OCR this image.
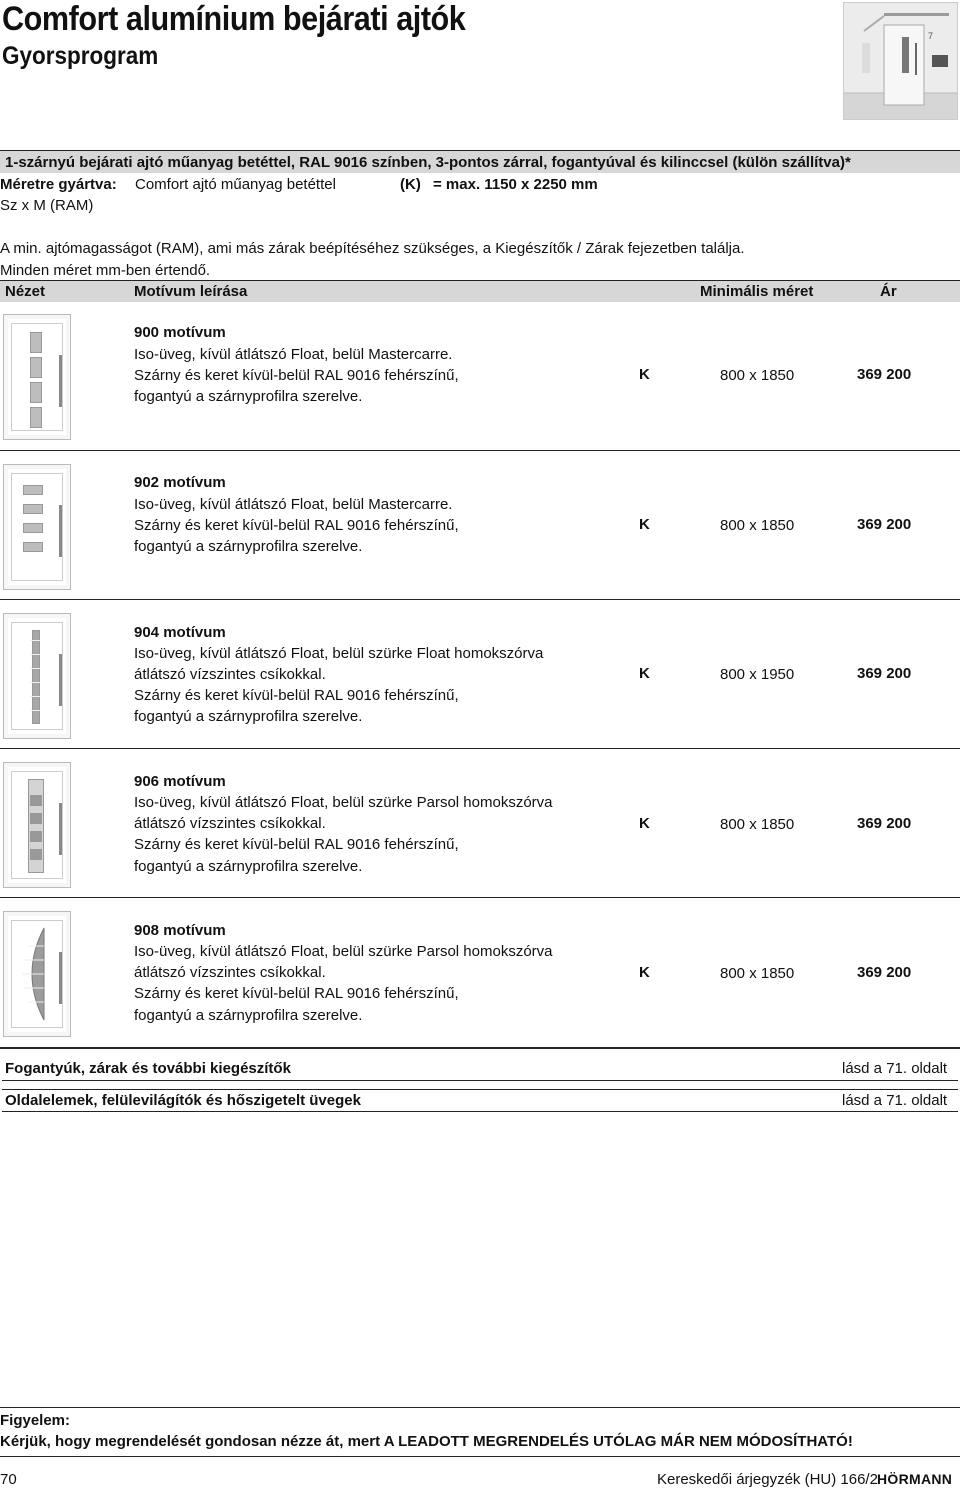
Comfort alumínium bejárati ajtók
Gyorsprogram
7
1-szárnyú bejárati ajtó műanyag betéttel, RAL 9016 színben, 3-pontos zárral, fogantyúval és kilinccsel (külön szállítva)*
Méretre gyártva: Comfort ajtó műanyag betéttel	(K) = max. 1150 x 2250 mm
Sz x M (RAM)
A min. ajtómagasságot (RAM), ami más zárak beépítéséhez szükséges, a Kiegészítők / Zárak fejezetben találja.
Minden méret mm-ben értendő.
Nézet	Motívum leírása	Minimális méret	Ár
900 motívum
Iso-üveg, kívül átlátszó Float, belül Mastercarre.
Szárny és keret kívül-belül RAL 9016 fehérszínű,
fogantyú a szárnyprofilra szerelve.
K	800 x 1850	369 200
902 motívum
Iso-üveg, kívül átlátszó Float, belül Mastercarre.
Szárny és keret kívül-belül RAL 9016 fehérszínű,
fogantyú a szárnyprofilra szerelve.
K	800 x 1850	369 200
904 motívum
Iso-üveg, kívül átlátszó Float, belül szürke Float homokszórva
átlátszó vízszintes csíkokkal.
Szárny és keret kívül-belül RAL 9016 fehérszínű,
fogantyú a szárnyprofilra szerelve.
K	800 x 1950	369 200
906 motívum
Iso-üveg, kívül átlátszó Float, belül szürke Parsol homokszórva
átlátszó vízszintes csíkokkal.
Szárny és keret kívül-belül RAL 9016 fehérszínű,
fogantyú a szárnyprofilra szerelve.
K	800 x 1850	369 200
908 motívum
Iso-üveg, kívül átlátszó Float, belül szürke Parsol homokszórva
átlátszó vízszintes csíkokkal.
Szárny és keret kívül-belül RAL 9016 fehérszínű,
fogantyú a szárnyprofilra szerelve.
K	800 x 1850	369 200
Fogantyúk, zárak és további kiegészítők	lásd a 71. oldalt
Oldalelemek, felülevilágítók és hőszigetelt üvegek	lásd a 71. oldalt
Figyelem:
Kérjük, hogy megrendelését gondosan nézze át, mert A LEADOTT MEGRENDELÉS UTÓLAG MÁR NEM MÓDOSÍTHATÓ!
70	Kereskedői árjegyzék (HU) 166/2 HÖRMANN
